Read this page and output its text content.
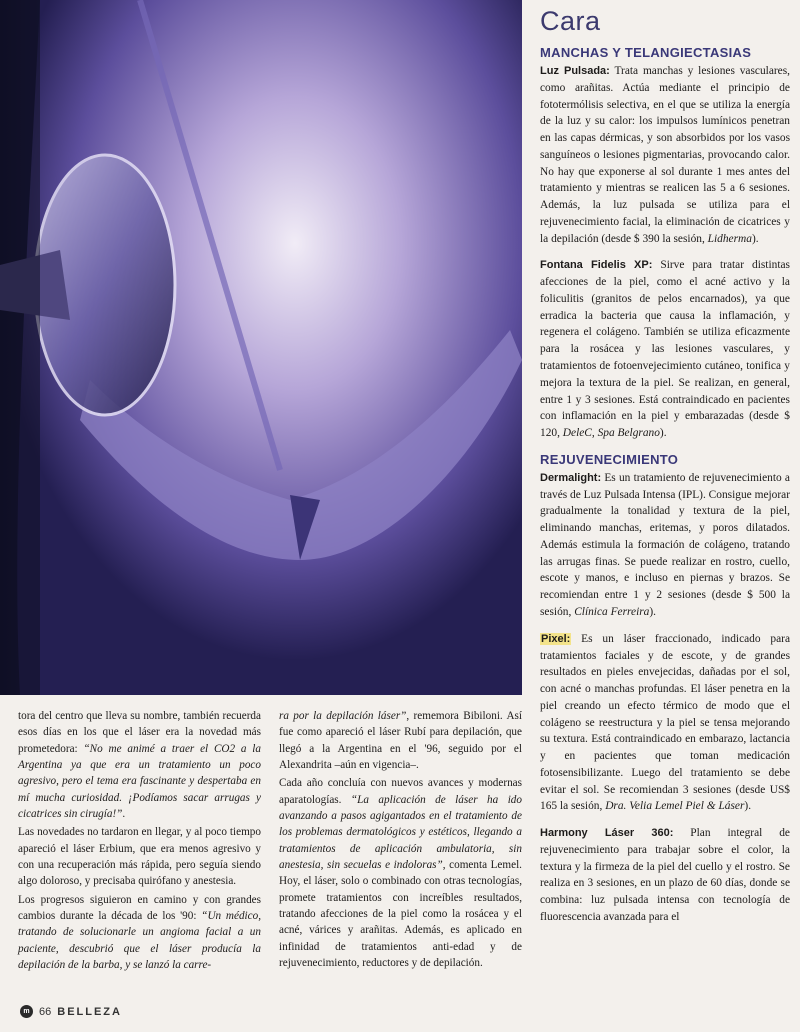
Cara
MANCHAS Y TELANGIECTASIAS

Luz Pulsada: Trata manchas y lesiones vasculares, como arañitas. Actúa mediante el principio de fototermólisis selectiva, en el que se utiliza la energía de la luz y su calor: los impulsos lumínicos penetran en las capas dérmicas, y son absorbidos por los vasos sanguíneos o lesiones pigmentarias, provocando calor. No hay que exponerse al sol durante 1 mes antes del tratamiento y mientras se realicen las 5 a 6 sesiones. Además, la luz pulsada se utiliza para el rejuvenecimiento facial, la eliminación de cicatrices y la depilación (desde $ 390 la sesión, Lidherma).

Fontana Fidelis XP: Sirve para tratar distintas afecciones de la piel, como el acné activo y la foliculitis (granitos de pelos encarnados), ya que erradica la bacteria que causa la inflamación, y regenera el colágeno. También se utiliza eficazmente para la rosácea y las lesiones vasculares, y tratamientos de fotoenvejecimiento cutáneo, tonifica y mejora la textura de la piel. Se realizan, en general, entre 1 y 3 sesiones. Está contraindicado en pacientes con inflamación en la piel y embarazadas (desde $ 120, DeleC, Spa Belgrano).

REJUVENECIMIENTO

Dermalight: Es un tratamiento de rejuvenecimiento a través de Luz Pulsada Intensa (IPL). Consigue mejorar gradualmente la tonalidad y textura de la piel, eliminando manchas, eritemas, y poros dilatados. Además estimula la formación de colágeno, tratando las arrugas finas. Se puede realizar en rostro, cuello, escote y manos, e incluso en piernas y brazos. Se recomiendan entre 1 y 2 sesiones (desde $ 500 la sesión, Clínica Ferreira).

Pixel: Es un láser fraccionado, indicado para tratamientos faciales y de escote, y de grandes resultados en pieles envejecidas, dañadas por el sol, con acné o manchas profundas. El láser penetra en la piel creando un efecto térmico de modo que el colágeno se reestructura y la piel se tensa mejorando su textura. Está contraindicado en embarazo, lactancia y en pacientes que toman medicación fotosensibilizante. Luego del tratamiento se debe evitar el sol. Se recomiendan 3 sesiones (desde US$ 165 la sesión, Dra. Velia Lemel Piel & Láser).

Harmony Láser 360: Plan integral de rejuvenecimiento para trabajar sobre el color, la textura y la firmeza de la piel del cuello y el rostro. Se realiza en 3 sesiones, en un plazo de 60 días, donde se combina: luz pulsada intensa con tecnología de fluorescencia avanzada para el

tora del centro que lleva su nombre, también recuerda esos días en los que el láser era la novedad más prometedora: “No me animé a traer el CO2 a la Argentina ya que era un tratamiento un poco agresivo, pero el tema era fascinante y despertaba en mí mucha curiosidad. ¡Podíamos sacar arrugas y cicatrices sin cirugía!”.

Las novedades no tardaron en llegar, y al poco tiempo apareció el láser Erbium, que era menos agresivo y con una recuperación más rápida, pero seguía siendo algo doloroso, y precisaba quirófano y anestesia.

Los progresos siguieron en camino y con grandes cambios durante la década de los '90: “Un médico, tratando de solucionarle un angioma facial a un paciente, descubrió que el láser producía la depilación de la barba, y se lanzó la carre-

ra por la depilación láser”, rememora Bibiloni. Así fue como apareció el láser Rubí para depilación, que llegó a la Argentina en el '96, seguido por el Alexandrita –aún en vigencia–.

Cada año concluía con nuevos avances y modernas aparatologías. “La aplicación de láser ha ido avanzando a pasos agigantados en el tratamiento de los problemas dermatológicos y estéticos, llegando a tratamientos de aplicación ambulatoria, sin anestesia, sin secuelas e indoloras”, comenta Lemel. Hoy, el láser, solo o combinado con otras tecnologías, promete tratamientos con increíbles resultados, tratando afecciones de la piel como la rosácea y el acné, várices y arañitas. Además, es aplicado en infinidad de tratamientos anti-edad y de rejuvenecimiento, reductores y de depilación.

m 66 BELLEZA
